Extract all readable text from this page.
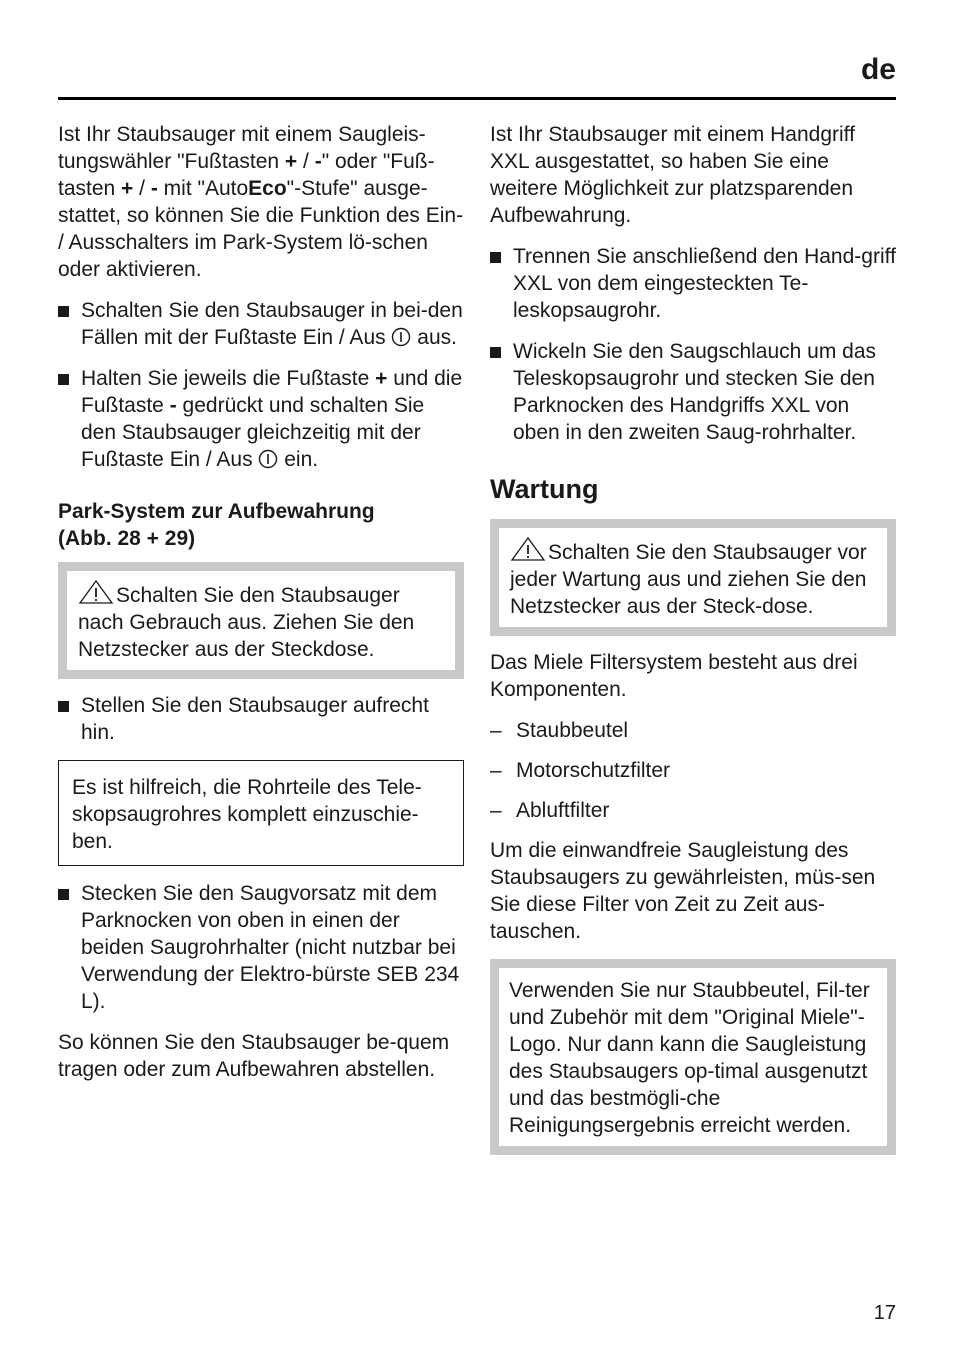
de

Ist Ihr Staubsauger mit einem Saugleis-tungswähler "Fußtasten + / -" oder "Fuß-tasten + / - mit "AutoEco"-Stufe" ausge-stattet, so können Sie die Funktion des Ein- / Ausschalters im Park-System lö-schen oder aktivieren.

Schalten Sie den Staubsauger in bei-den Fällen mit der Fußtaste Ein / Aus  aus.
Halten Sie jeweils die Fußtaste + und die Fußtaste - gedrückt und schalten Sie den Staubsauger gleichzeitig mit der Fußtaste Ein / Aus  ein.
Park-System zur Aufbewahrung
(Abb. 28 + 29)
Schalten Sie den Staubsauger nach Gebrauch aus. Ziehen Sie den Netzstecker aus der Steckdose.
Stellen Sie den Staubsauger aufrecht hin.
Es ist hilfreich, die Rohrteile des Tele-skopsaugrohres komplett einzuschie-ben.
Stecken Sie den Saugvorsatz mit dem Parknocken von oben in einen der beiden Saugrohrhalter (nicht nutzbar bei Verwendung der Elektro-bürste SEB 234 L).

So können Sie den Staubsauger be-quem tragen oder zum Aufbewahren abstellen.

Ist Ihr Staubsauger mit einem Handgriff XXL ausgestattet, so haben Sie eine weitere Möglichkeit zur platzsparenden Aufbewahrung.

Trennen Sie anschließend den Hand-griff XXL von dem eingesteckten Te-leskopsaugrohr.
Wickeln Sie den Saugschlauch um das Teleskopsaugrohr und stecken Sie den Parknocken des Handgriffs XXL von oben in den zweiten Saug-rohrhalter.
Wartung
Schalten Sie den Staubsauger vor jeder Wartung aus und ziehen Sie den Netzstecker aus der Steck-dose.

Das Miele Filtersystem besteht aus drei Komponenten.

– Staubbeutel
– Motorschutzfilter
– Abluftfilter

Um die einwandfreie Saugleistung des Staubsaugers zu gewährleisten, müs-sen Sie diese Filter von Zeit zu Zeit aus-tauschen.

Verwenden Sie nur Staubbeutel, Fil-ter und Zubehör mit dem "Original Miele"-Logo. Nur dann kann die Saugleistung des Staubsaugers op-timal ausgenutzt und das bestmögli-che Reinigungsergebnis erreicht werden.
17
